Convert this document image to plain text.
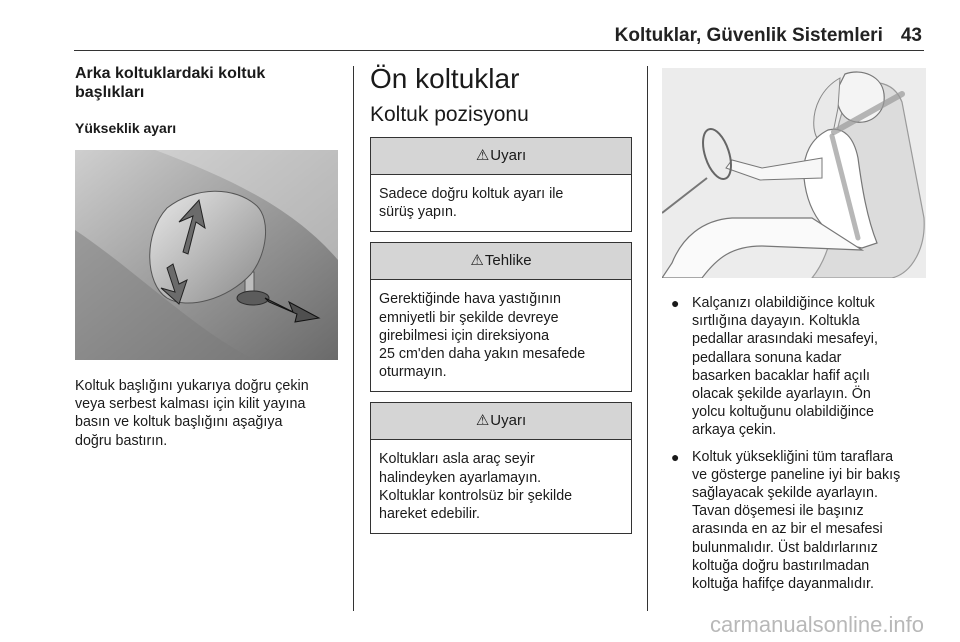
Koltuklar, Güvenlik Sistemleri 43
Arka koltuklardaki koltuk
başlıkları
Yükseklik ayarı

Koltuk başlığını yukarıya doğru çekin
veya serbest kalması için kilit yayına
basın ve koltuk başlığını aşağıya
doğru bastırın.

Ön koltuklar
Koltuk pozisyonu
⚠Uyarı
Sadece doğru koltuk ayarı ile
sürüş yapın.
⚠Tehlike
Gerektiğinde hava yastığının
emniyetli bir şekilde devreye
girebilmesi için direksiyona
25 cm'den daha yakın mesafede
oturmayın.
⚠Uyarı
Koltukları asla araç seyir
halindeyken ayarlamayın.
Koltuklar kontrolsüz bir şekilde
hareket edebilir.
● Kalçanızı olabildiğince koltuk
sırtlığına dayayın. Koltukla
pedallar arasındaki mesafeyi,
pedallara sonuna kadar
basarken bacaklar hafif açılı
olacak şekilde ayarlayın. Ön
yolcu koltuğunu olabildiğince
arkaya çekin.
● Koltuk yüksekliğini tüm taraflara
ve gösterge paneline iyi bir bakış
sağlayacak şekilde ayarlayın.
Tavan döşemesi ile başınız
arasında en az bir el mesafesi
bulunmalıdır. Üst baldırlarınız
koltuğa doğru bastırılmadan
koltuğa hafifçe dayanmalıdır.
carmanualsonline.info
